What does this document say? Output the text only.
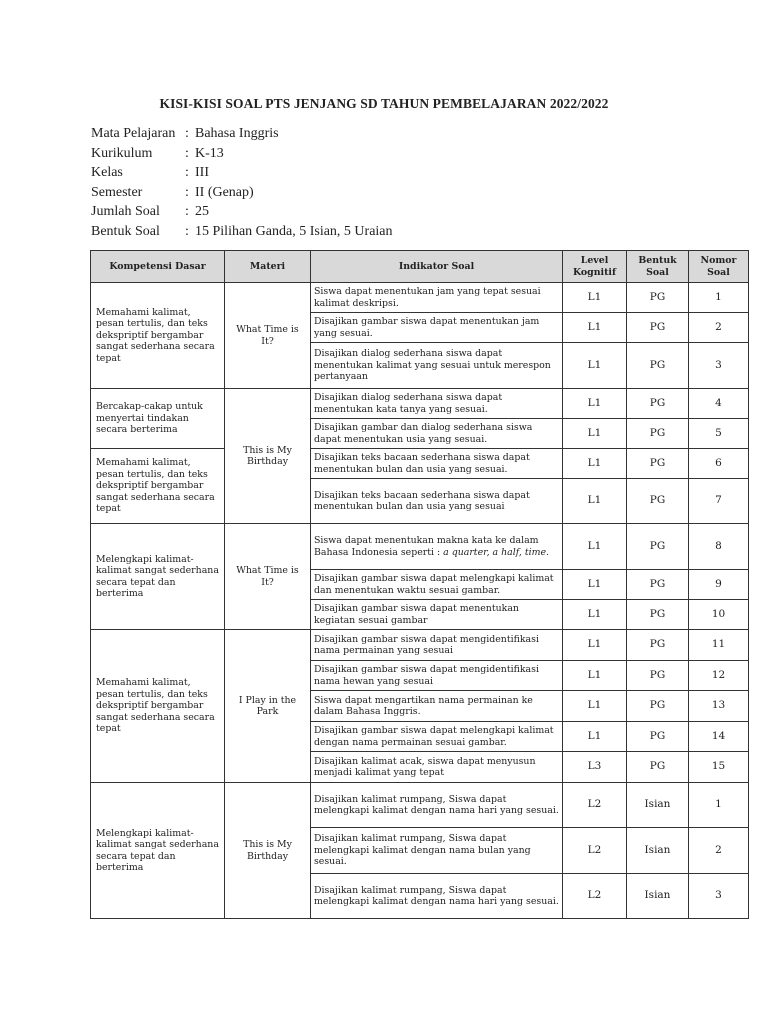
KISI-KISI SOAL PTS JENJANG SD TAHUN PEMBELAJARAN 2022/2022
Mata Pelajaran : Bahasa Inggris
Kurikulum	: K-13
Kelas	: III
Semester	: II (Genap)
Jumlah Soal	: 25
Bentuk Soal	: 15 Pilihan Ganda, 5 Isian, 5 Uraian
Kompetensi Dasar	Materi	Indikator Soal	Level Kognitif	Bentuk Soal	Nomor Soal
Memahami kalimat, pesan tertulis, dan teks dekspriptif bergambar sangat sederhana secara tepat	What Time is It?	Siswa dapat menentukan jam yang tepat sesuai kalimat deskripsi.	L1	PG	1
		Disajikan gambar siswa dapat menentukan jam yang sesuai.	L1	PG	2
		Disajikan dialog sederhana siswa dapat menentukan kalimat yang sesuai untuk merespon pertanyaan	L1	PG	3
Bercakap-cakap untuk menyertai tindakan secara berterima	This is My Birthday	Disajikan dialog sederhana siswa dapat menentukan kata tanya yang sesuai.	L1	PG	4
		Disajikan gambar dan dialog sederhana siswa dapat menentukan usia yang sesuai.	L1	PG	5
Memahami kalimat, pesan tertulis, dan teks dekspriptif bergambar sangat sederhana secara tepat		Disajikan teks bacaan sederhana siswa dapat menentukan bulan dan usia yang sesuai.	L1	PG	6
		Disajikan teks bacaan sederhana siswa dapat menentukan bulan dan usia yang sesuai	L1	PG	7
Melengkapi kalimat-kalimat sangat sederhana secara tepat dan berterima	What Time is It?	Siswa dapat menentukan makna kata ke dalam Bahasa Indonesia seperti : a quarter, a half, time.	L1	PG	8
		Disajikan gambar siswa dapat melengkapi kalimat dan menentukan waktu sesuai gambar.	L1	PG	9
		Disajikan gambar siswa dapat menentukan kegiatan sesuai gambar	L1	PG	10
Memahami kalimat, pesan tertulis, dan teks dekspriptif bergambar sangat sederhana secara tepat	I Play in the Park	Disajikan gambar siswa dapat mengidentifikasi nama permainan yang sesuai	L1	PG	11
		Disajikan gambar siswa dapat mengidentifikasi nama hewan yang sesuai	L1	PG	12
		Siswa dapat mengartikan nama permainan ke dalam Bahasa Inggris.	L1	PG	13
		Disajikan gambar siswa dapat melengkapi kalimat dengan nama permainan sesuai gambar.	L1	PG	14
		Disajikan kalimat acak, siswa dapat menyusun menjadi kalimat yang tepat	L3	PG	15
Melengkapi kalimat-kalimat sangat sederhana secara tepat dan berterima	This is My Birthday	Disajikan kalimat rumpang, Siswa dapat melengkapi kalimat dengan nama hari yang sesuai.	L2	Isian	1
		Disajikan kalimat rumpang, Siswa dapat melengkapi kalimat dengan nama bulan yang sesuai.	L2	Isian	2
		Disajikan kalimat rumpang, Siswa dapat melengkapi kalimat dengan nama hari yang sesuai.	L2	Isian	3
